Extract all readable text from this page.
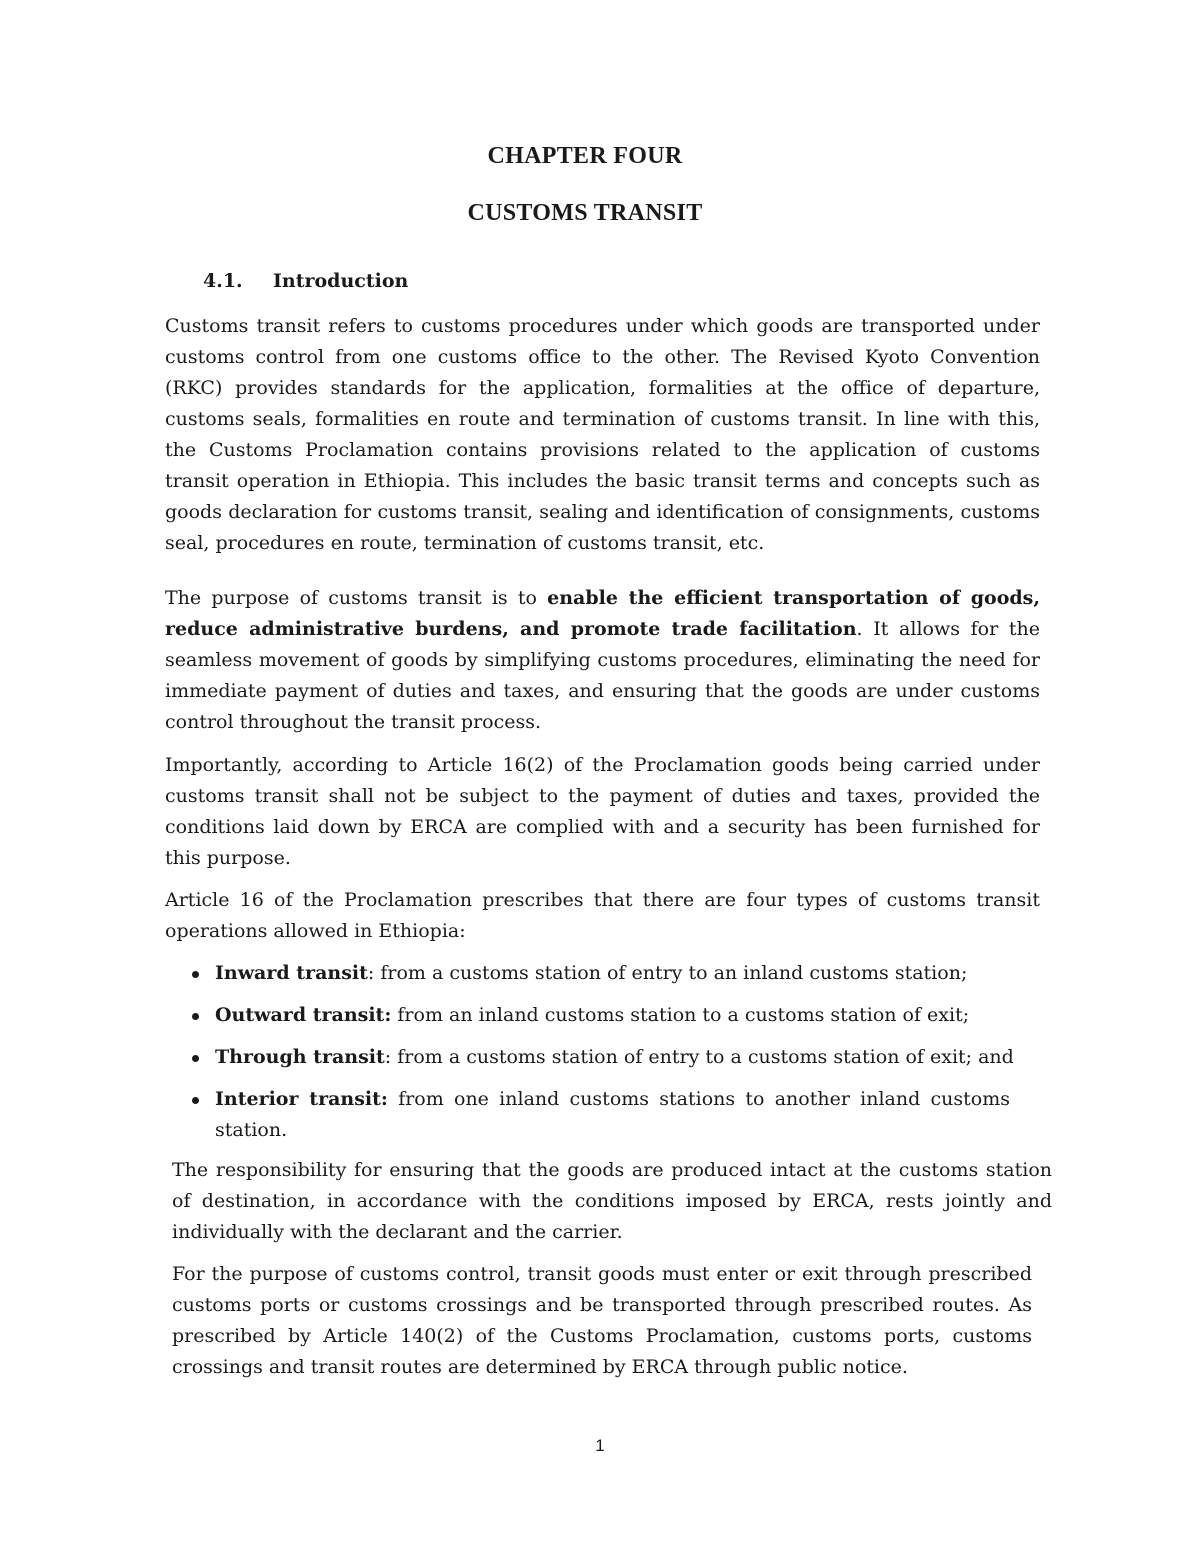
CHAPTER FOUR
CUSTOMS TRANSIT
4.1. Introduction
Customs transit refers to customs procedures under which goods are transported under customs control from one customs office to the other. The Revised Kyoto Convention (RKC) provides standards for the application, formalities at the office of departure, customs seals, formalities en route and termination of customs transit. In line with this, the Customs Proclamation contains provisions related to the application of customs transit operation in Ethiopia. This includes the basic transit terms and concepts such as goods declaration for customs transit, sealing and identification of consignments, customs seal, procedures en route, termination of customs transit, etc.
The purpose of customs transit is to enable the efficient transportation of goods, reduce administrative burdens, and promote trade facilitation. It allows for the seamless movement of goods by simplifying customs procedures, eliminating the need for immediate payment of duties and taxes, and ensuring that the goods are under customs control throughout the transit process.
Importantly, according to Article 16(2) of the Proclamation goods being carried under customs transit shall not be subject to the payment of duties and taxes, provided the conditions laid down by ERCA are complied with and a security has been furnished for this purpose.
Article 16 of the Proclamation prescribes that there are four types of customs transit operations allowed in Ethiopia:
Inward transit: from a customs station of entry to an inland customs station;
Outward transit: from an inland customs station to a customs station of exit;
Through transit: from a customs station of entry to a customs station of exit; and
Interior transit: from one inland customs stations to another inland customs station.
The responsibility for ensuring that the goods are produced intact at the customs station of destination, in accordance with the conditions imposed by ERCA, rests jointly and individually with the declarant and the carrier.
For the purpose of customs control, transit goods must enter or exit through prescribed customs ports or customs crossings and be transported through prescribed routes. As prescribed by Article 140(2) of the Customs Proclamation, customs ports, customs crossings and transit routes are determined by ERCA through public notice.
1
